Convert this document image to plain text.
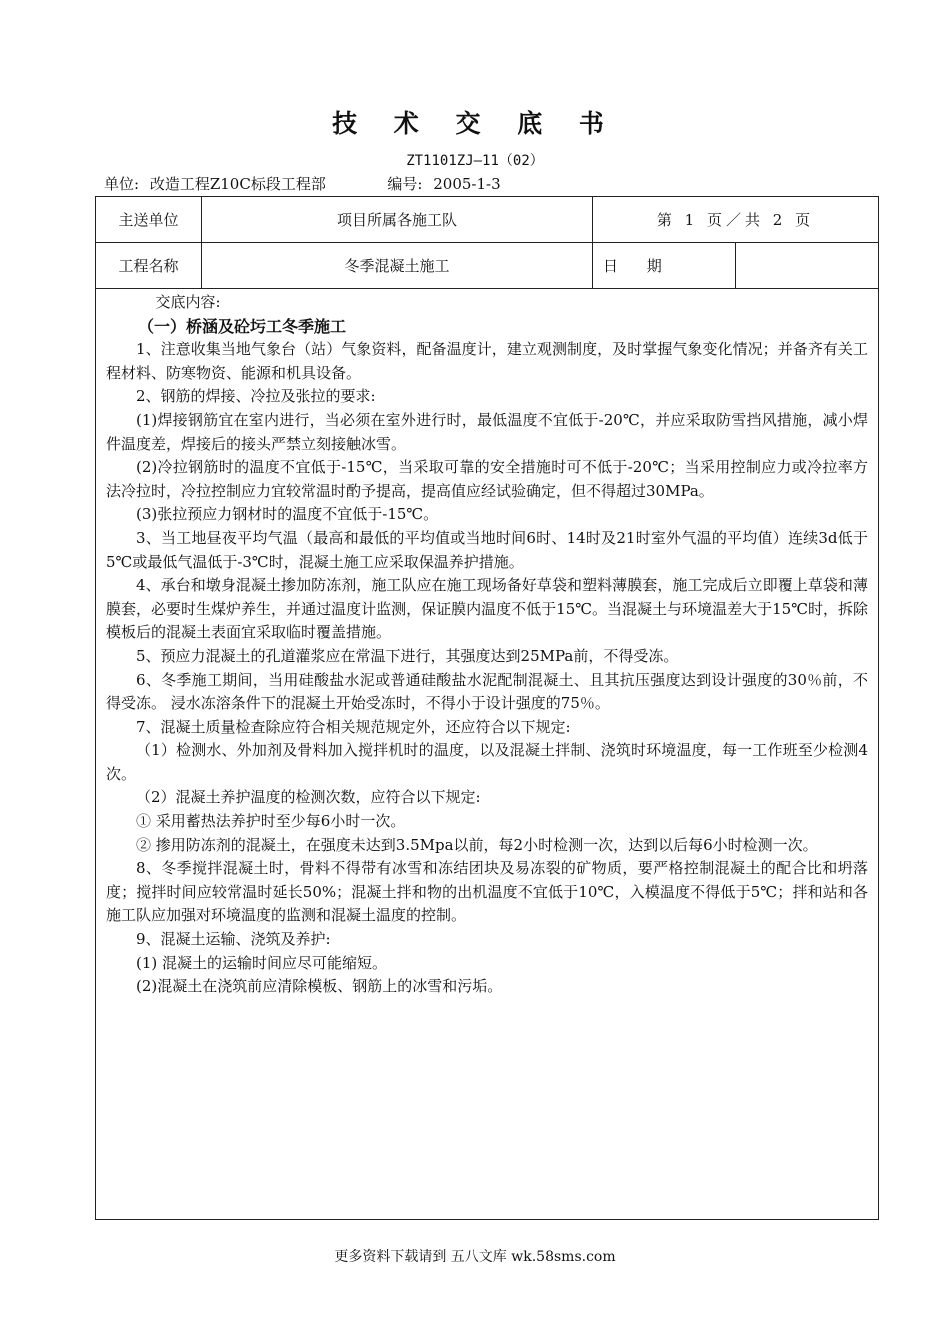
技 术 交 底 书
ZT1101ZJ—11（02）
单位: 改造工程Z10C标段工程部	编号: 2005-1-3
主送单位	项目所属各施工队	第 1 页／共 2 页	
工程名称	冬季混凝土施工	日 期	

交底内容:

（一）桥涵及砼圬工冬季施工

1、注意收集当地气象台（站）气象资料，配备温度计，建立观测制度，及时掌握气象变化情况；并备齐有关工程材料、防寒物资、能源和机具设备。

2、钢筋的焊接、冷拉及张拉的要求:

(1)焊接钢筋宜在室内进行，当必须在室外进行时，最低温度不宜低于-20℃，并应采取防雪挡风措施，减小焊件温度差，焊接后的接头严禁立刻接触冰雪。

(2)冷拉钢筋时的温度不宜低于-15℃，当采取可靠的安全措施时可不低于-20℃；当采用控制应力或冷拉率方法冷拉时，冷拉控制应力宜较常温时酌予提高，提高值应经试验确定，但不得超过30MPa。

(3)张拉预应力钢材时的温度不宜低于-15℃。

3、当工地昼夜平均气温（最高和最低的平均值或当地时间6时、14时及21时室外气温的平均值）连续3d低于5℃或最低气温低于-3℃时，混凝土施工应采取保温养护措施。

4、承台和墩身混凝土掺加防冻剂，施工队应在施工现场备好草袋和塑料薄膜套，施工完成后立即覆上草袋和薄膜套，必要时生煤炉养生，并通过温度计监测，保证膜内温度不低于15℃。当混凝土与环境温差大于15℃时，拆除模板后的混凝土表面宜采取临时覆盖措施。

5、预应力混凝土的孔道灌浆应在常温下进行，其强度达到25MPa前，不得受冻。

6、冬季施工期间，当用硅酸盐水泥或普通硅酸盐水泥配制混凝土、且其抗压强度达到设计强度的30％前，不得受冻。 浸水冻溶条件下的混凝土开始受冻时，不得小于设计强度的75％。

7、混凝土质量检查除应符合相关规范规定外，还应符合以下规定:

（1）检测水、外加剂及骨料加入搅拌机时的温度，以及混凝土拌制、浇筑时环境温度，每一工作班至少检测4次。

（2）混凝土养护温度的检测次数，应符合以下规定:

① 采用蓄热法养护时至少每6小时一次。

② 掺用防冻剂的混凝土，在强度未达到3.5Mpa以前，每2小时检测一次，达到以后每6小时检测一次。

8、冬季搅拌混凝土时，骨料不得带有冰雪和冻结团块及易冻裂的矿物质，要严格控制混凝土的配合比和坍落度；搅拌时间应较常温时延长50%；混凝土拌和物的出机温度不宜低于10℃，入模温度不得低于5℃；拌和站和各施工队应加强对环境温度的监测和混凝土温度的控制。

9、混凝土运输、浇筑及养护:

(1) 混凝土的运输时间应尽可能缩短。

(2)混凝土在浇筑前应清除模板、钢筋上的冰雪和污垢。

更多资料下载请到 五八文库 wk.58sms.com
